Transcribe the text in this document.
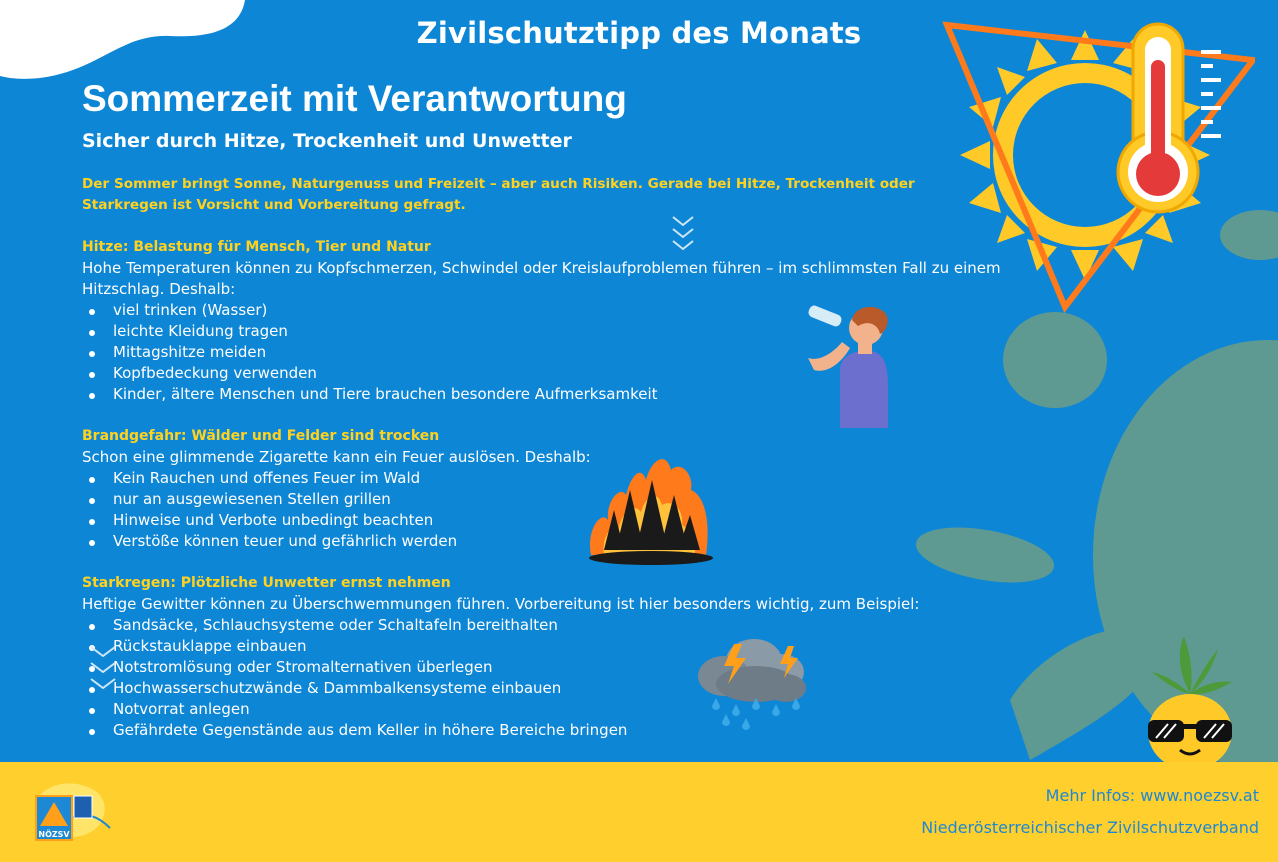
NÖZSV
Mehr Infos: www.noezsv.at
Niederösterreichischer Zivilschutzverband
Zivilschutztipp des Monats
Sommerzeit mit Verantwortung
Sicher durch Hitze, Trockenheit und Unwetter

Der Sommer bringt Sonne, Naturgenuss und Freizeit – aber auch Risiken. Gerade bei Hitze, Trockenheit oder Starkregen ist Vorsicht und Vorbereitung gefragt.

Hitze: Belastung für Mensch, Tier und Natur
Hohe Temperaturen können zu Kopfschmerzen, Schwindel oder Kreislaufproblemen führen – im schlimmsten Fall zu einem Hitzschlag. Deshalb:
viel trinken (Wasser)
leichte Kleidung tragen
Mittagshitze meiden
Kopfbedeckung verwenden
Kinder, ältere Menschen und Tiere brauchen besondere Aufmerksamkeit
Brandgefahr: Wälder und Felder sind trocken
Schon eine glimmende Zigarette kann ein Feuer auslösen. Deshalb:
Kein Rauchen und offenes Feuer im Wald
nur an ausgewiesenen Stellen grillen
Hinweise und Verbote unbedingt beachten
Verstöße können teuer und gefährlich werden
Starkregen: Plötzliche Unwetter ernst nehmen
Heftige Gewitter können zu Überschwemmungen führen. Vorbereitung ist hier besonders wichtig, zum Beispiel:
Sandsäcke, Schlauchsysteme oder Schaltafeln bereithalten
Rückstauklappe einbauen
Notstromlösung oder Stromalternativen überlegen
Hochwasserschutzwände & Dammbalkensysteme einbauen
Notvorrat anlegen
Gefährdete Gegenstände aus dem Keller in höhere Bereiche bringen
